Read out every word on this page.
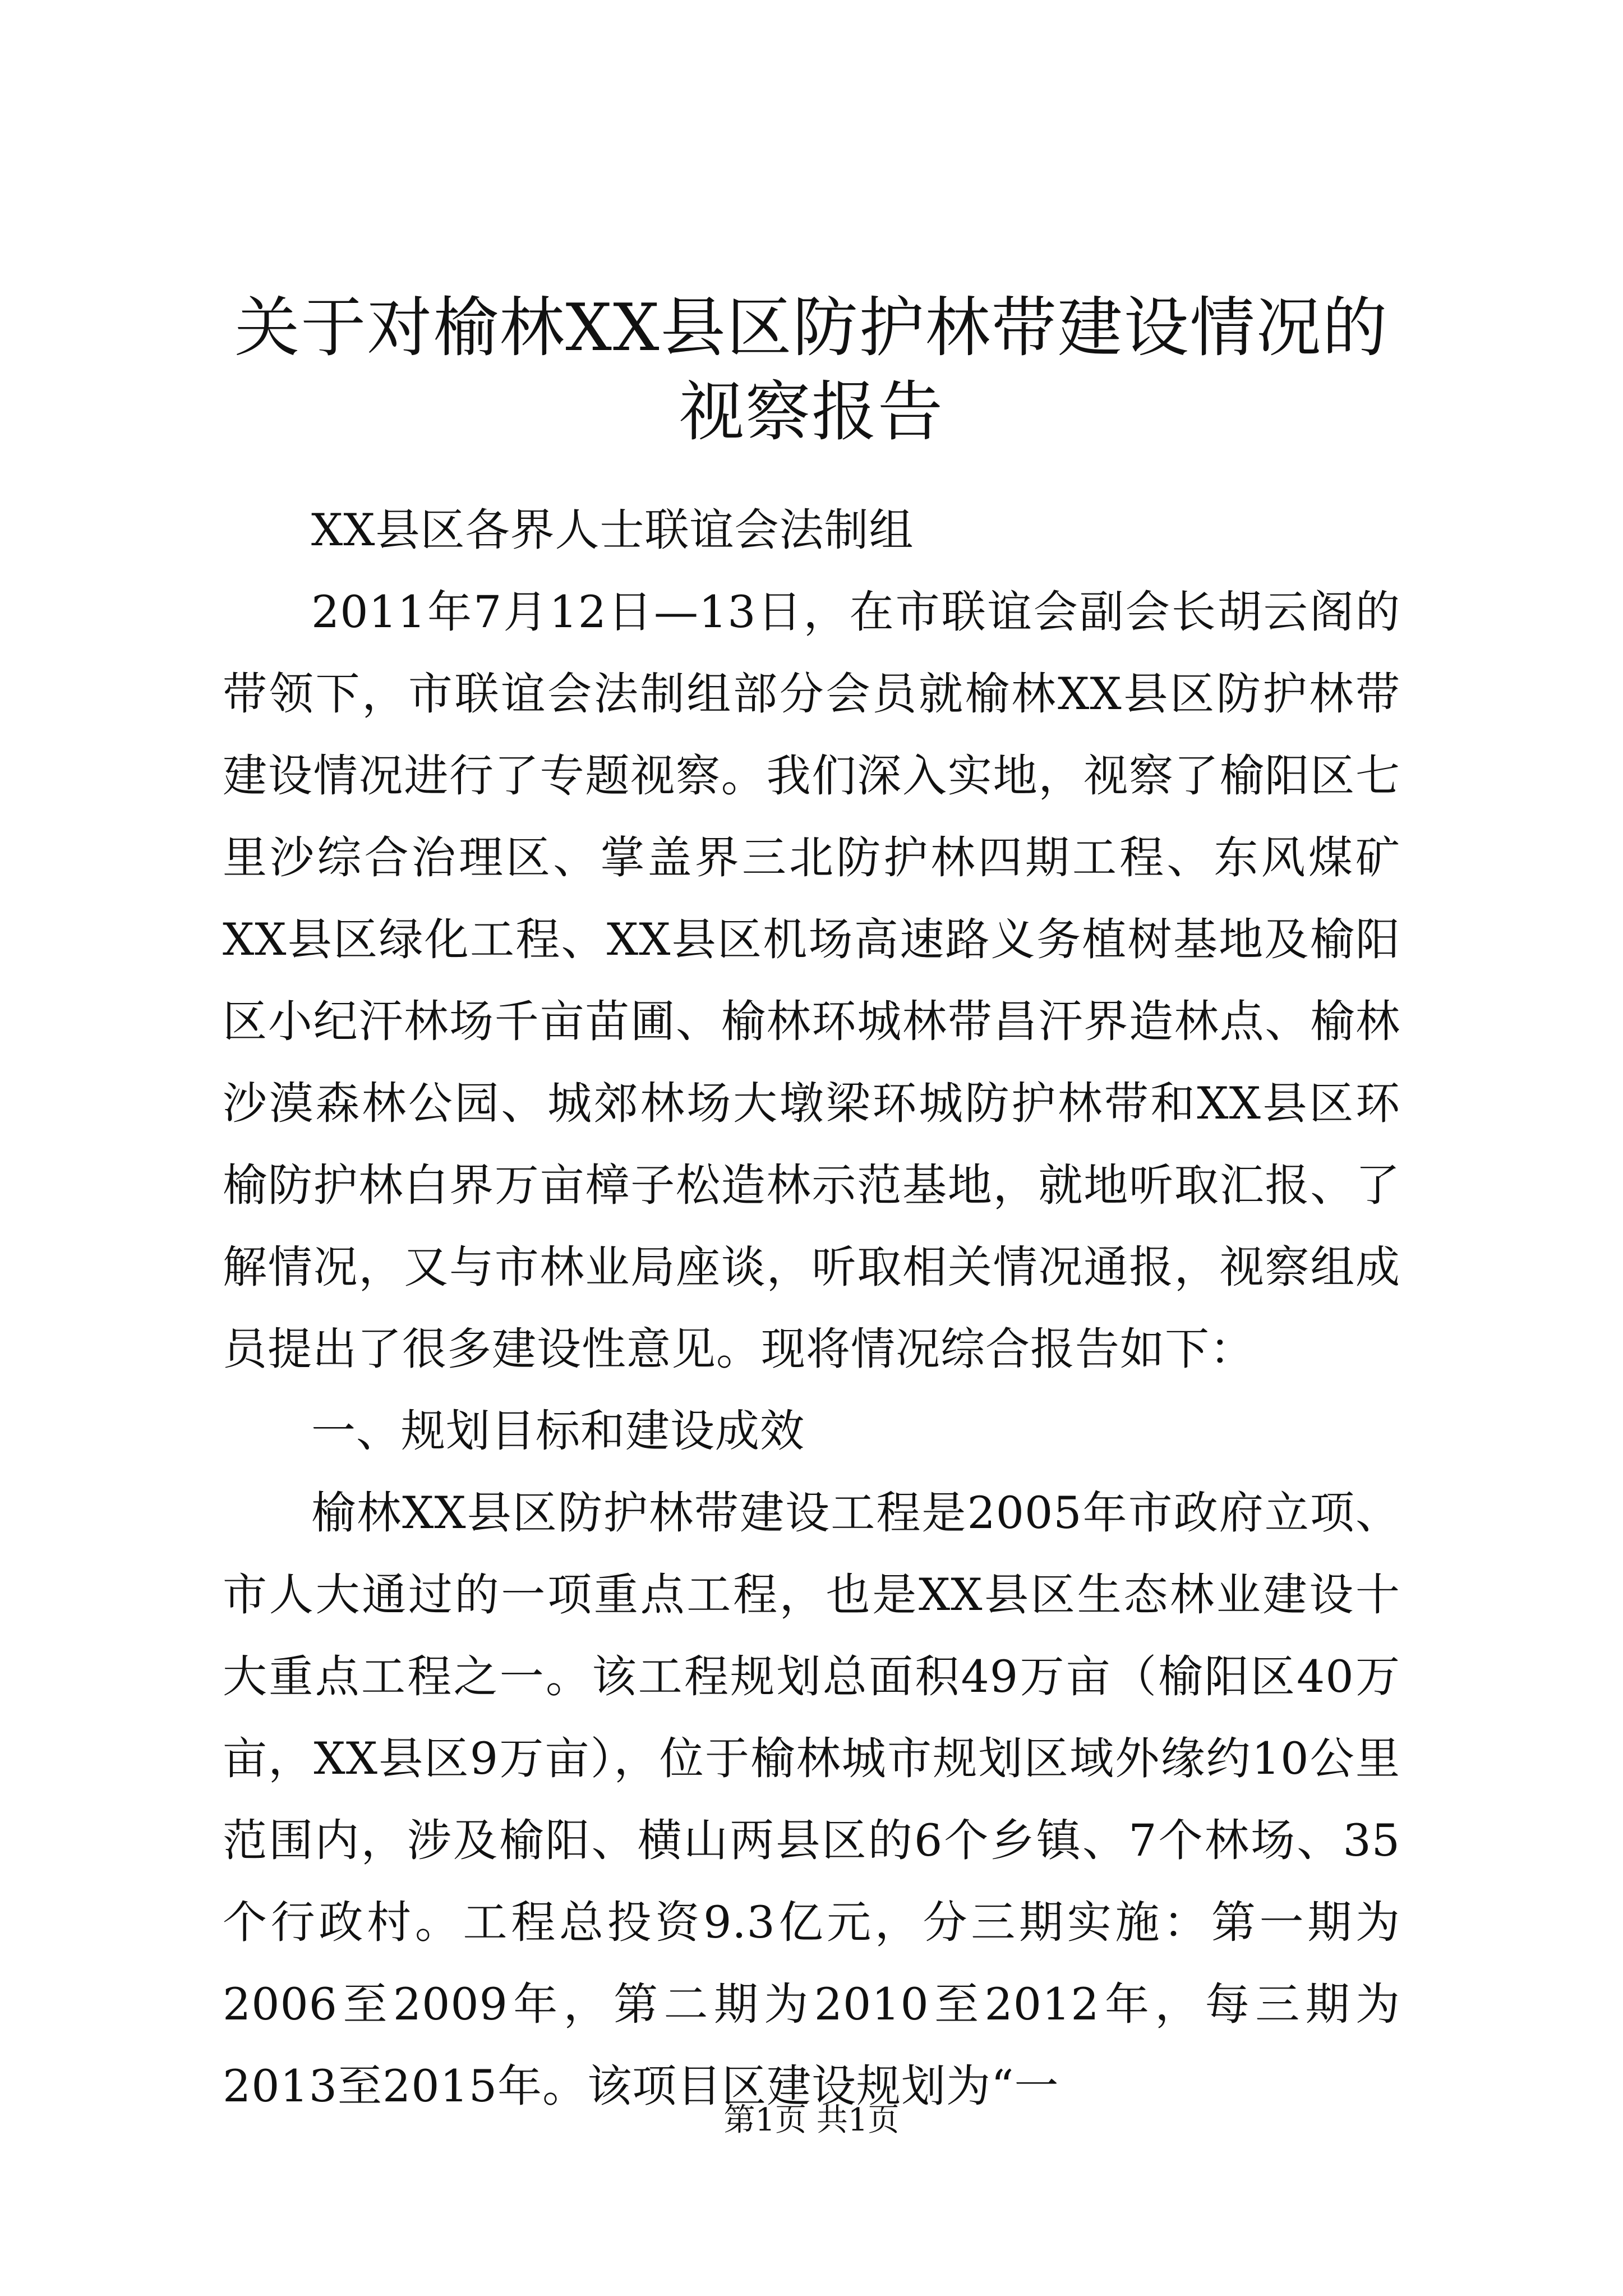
关于对榆林XX县区防护林带建设情况的视察报告

XX县区各界人士联谊会法制组

2011年7月12日—13日，在市联谊会副会长胡云阁的带领下，市联谊会法制组部分会员就榆林XX县区防护林带建设情况进行了专题视察。我们深入实地，视察了榆阳区七里沙综合治理区、掌盖界三北防护林四期工程、东风煤矿XX县区绿化工程、XX县区机场高速路义务植树基地及榆阳区小纪汗林场千亩苗圃、榆林环城林带昌汗界造林点、榆林沙漠森林公园、城郊林场大墩梁环城防护林带和XX县区环榆防护林白界万亩樟子松造林示范基地，就地听取汇报、了解情况，又与市林业局座谈，听取相关情况通报，视察组成员提出了很多建设性意见。现将情况综合报告如下：

一、规划目标和建设成效

榆林XX县区防护林带建设工程是2005年市政府立项、市人大通过的一项重点工程，也是XX县区生态林业建设十大重点工程之一。该工程规划总面积49万亩（榆阳区40万亩，XX县区9万亩），位于榆林城市规划区域外缘约10公里范围内，涉及榆阳、横山两县区的6个乡镇、7个林场、35个行政村。工程总投资9.3亿元，分三期实施：第一期为2006至2009年，第二期为2010至2012年，每三期为2013至2015年。该项目区建设规划为“一

第1页 共1页
